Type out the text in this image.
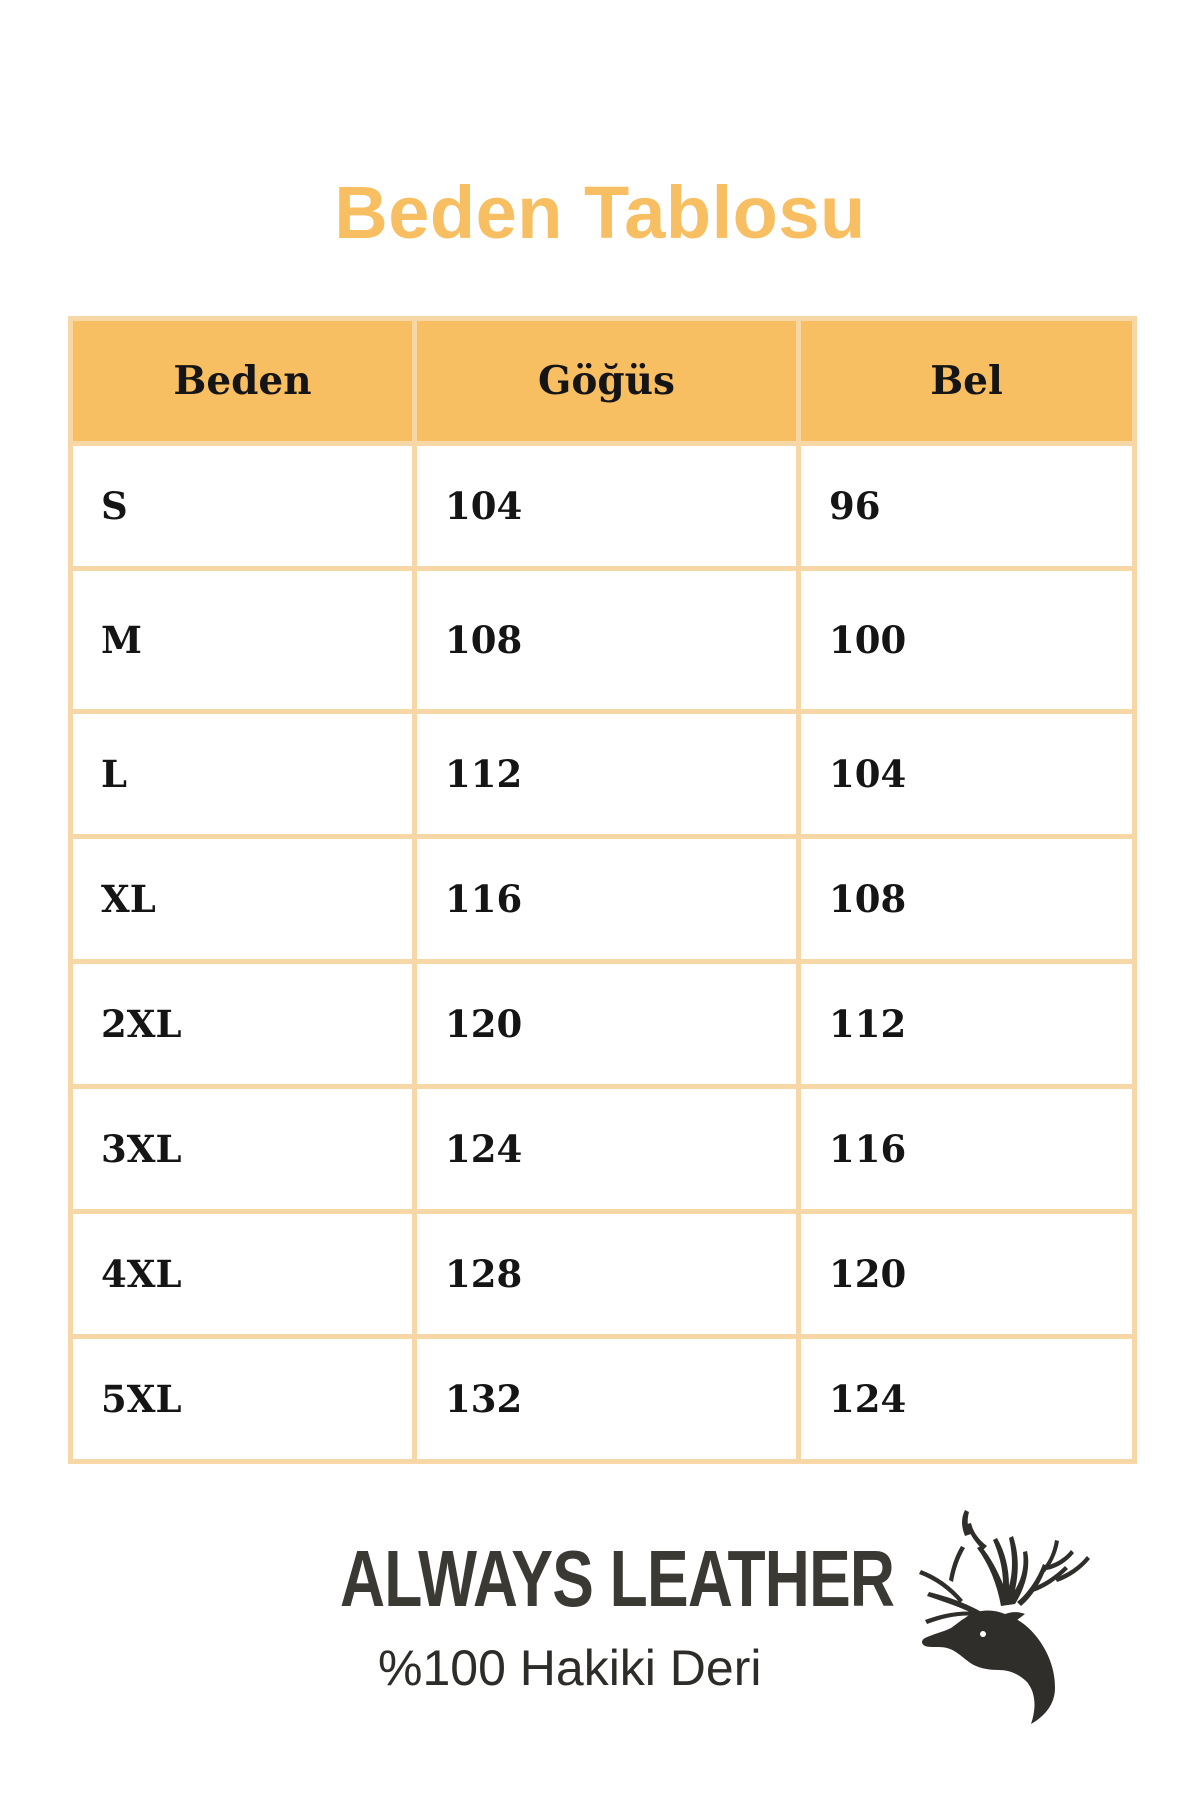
Beden Tablosu
Beden	Göğüs	Bel
S	104	96
M	108	100
L	112	104
XL	116	108
2XL	120	112
3XL	124	116
4XL	128	120
5XL	132	124
ALWAYS LEATHER
%100 Hakiki Deri
